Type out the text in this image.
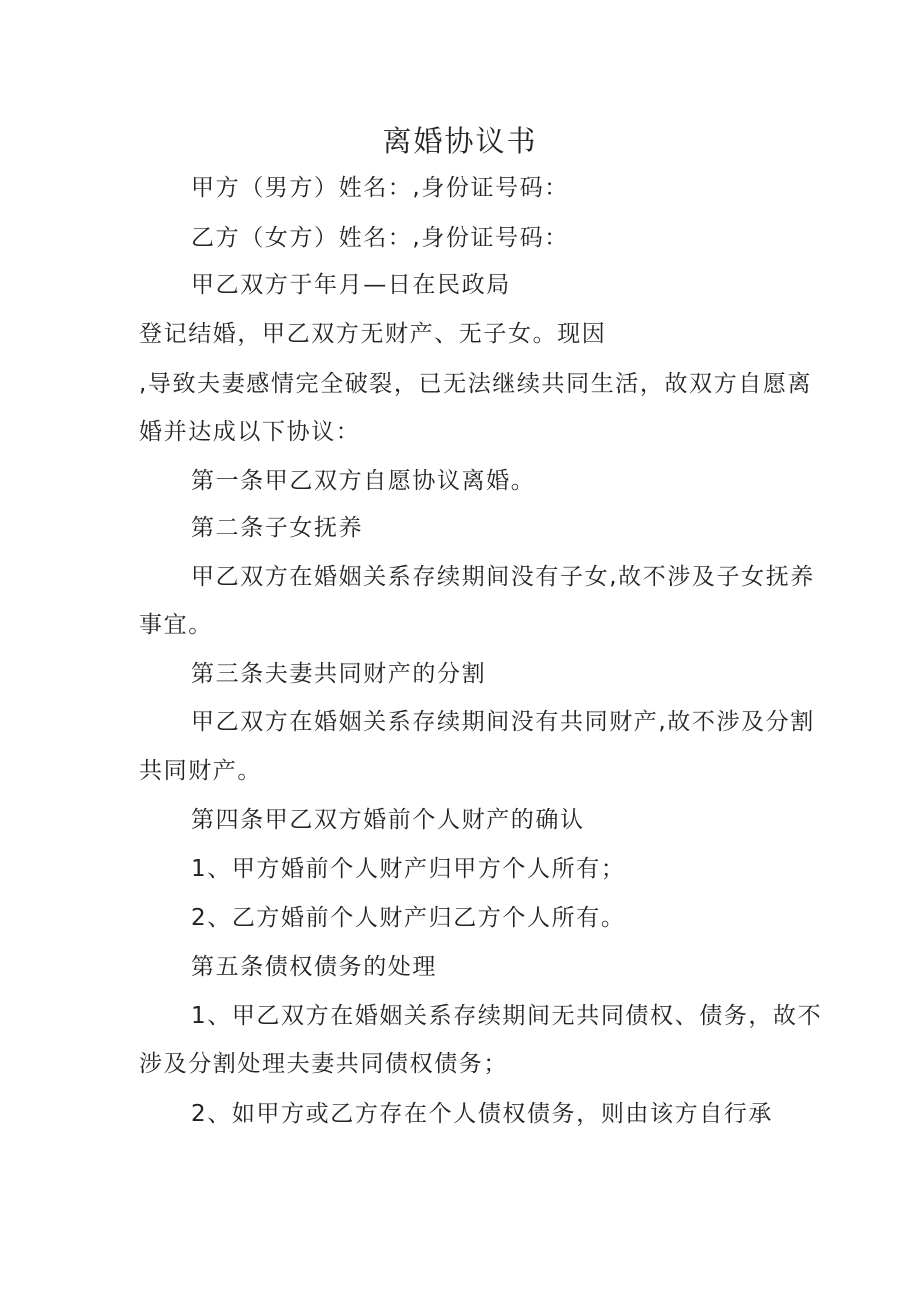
离婚协议书

甲方（男方）姓名：,身份证号码：

乙方（女方）姓名：,身份证号码：

甲乙双方于年月—日在民政局

登记结婚，甲乙双方无财产、无子女。现因

,导致夫妻感情完全破裂，已无法继续共同生活，故双方自愿离

婚并达成以下协议：

第一条甲乙双方自愿协议离婚。

第二条子女抚养

甲乙双方在婚姻关系存续期间没有子女,故不涉及子女抚养

事宜。

第三条夫妻共同财产的分割

甲乙双方在婚姻关系存续期间没有共同财产,故不涉及分割

共同财产。

第四条甲乙双方婚前个人财产的确认

1、甲方婚前个人财产归甲方个人所有；

2、乙方婚前个人财产归乙方个人所有。

第五条债权债务的处理

1、甲乙双方在婚姻关系存续期间无共同债权、债务，故不

涉及分割处理夫妻共同债权债务；

2、如甲方或乙方存在个人债权债务，则由该方自行承
